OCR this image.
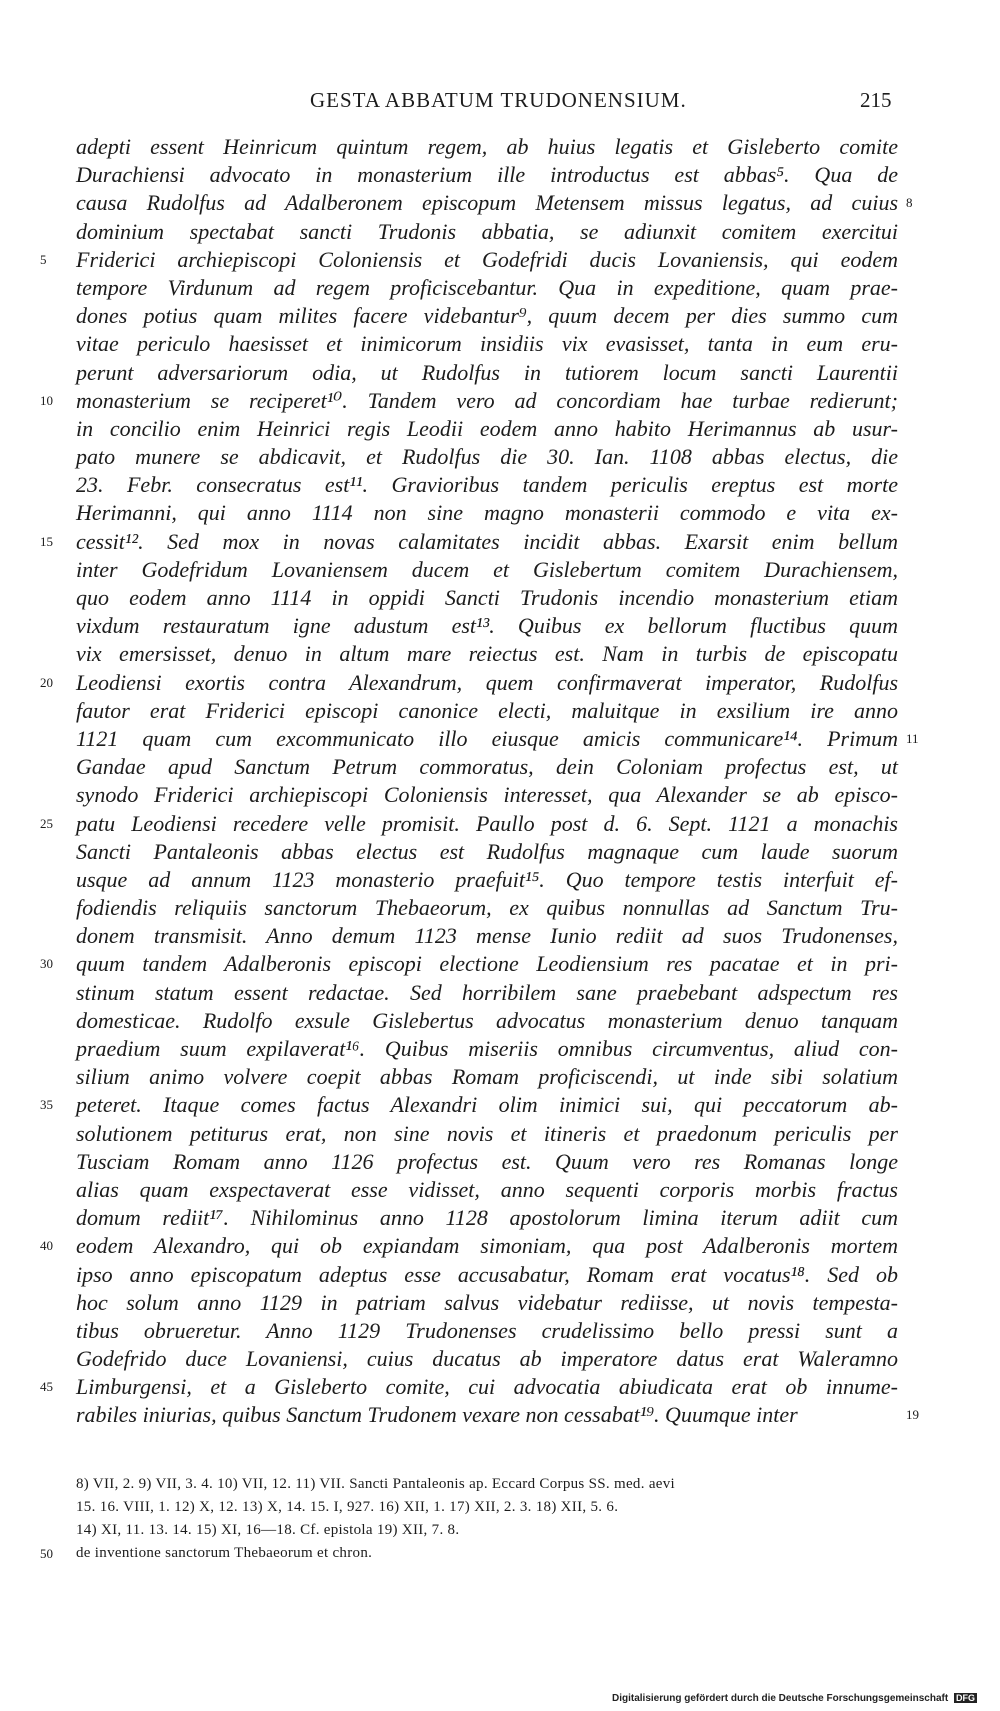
GESTA ABBATUM TRUDONENSIUM.	215
adepti essent Heinricum quintum regem, ab huius legatis et Gisleberto comite
Durachiensi advocato in monasterium ille introductus est abbas⁵. Qua de
causa Rudolfus ad Adalberonem episcopum Metensem missus legatus, ad cuius 8
dominium spectabat sancti Trudonis abbatia, se adiunxit comitem exercitui
5 Friderici archiepiscopi Coloniensis et Godefridi ducis Lovaniensis, qui eodem
tempore Virdunum ad regem proficiscebantur. Qua in expeditione, quam prae-
dones potius quam milites facere videbantur⁹, quum decem per dies summo cum
vitae periculo haesisset et inimicorum insidiis vix evasisset, tanta in eum eru-
perunt adversariorum odia, ut Rudolfus in tutiorem locum sancti Laurentii
10 monasterium se reciperet¹⁰. Tandem vero ad concordiam hae turbae redierunt;
in concilio enim Heinrici regis Leodii eodem anno habito Herimannus ab usur-
pato munere se abdicavit, et Rudolfus die 30. Ian. 1108 abbas electus, die
23. Febr. consecratus est¹¹. Gravioribus tandem periculis ereptus est morte
Herimanni, qui anno 1114 non sine magno monasterii commodo e vita ex-
15 cessit¹². Sed mox in novas calamitates incidit abbas. Exarsit enim bellum
inter Godefridum Lovaniensem ducem et Gislebertum comitem Durachiensem,
quo eodem anno 1114 in oppidi Sancti Trudonis incendio monasterium etiam
vixdum restauratum igne adustum est¹³. Quibus ex bellorum fluctibus quum
vix emersisset, denuo in altum mare reiectus est. Nam in turbis de episcopatu
20 Leodiensi exortis contra Alexandrum, quem confirmaverat imperator, Rudolfus
fautor erat Friderici episcopi canonice electi, maluitque in exsilium ire anno
1121 quam cum excommunicato illo eiusque amicis communicare¹⁴. Primum 11
Gandae apud Sanctum Petrum commoratus, dein Coloniam profectus est, ut
synodo Friderici archiepiscopi Coloniensis interesset, qua Alexander se ab episco-
25 patu Leodiensi recedere velle promisit. Paullo post d. 6. Sept. 1121 a monachis
Sancti Pantaleonis abbas electus est Rudolfus magnaque cum laude suorum
usque ad annum 1123 monasterio praefuit¹⁵. Quo tempore testis interfuit ef-
fodiendis reliquiis sanctorum Thebaeorum, ex quibus nonnullas ad Sanctum Tru-
donem transmisit. Anno demum 1123 mense Iunio rediit ad suos Trudonenses,
30 quum tandem Adalberonis episcopi electione Leodiensium res pacatae et in pri-
stinum statum essent redactae. Sed horribilem sane praebebant adspectum res
domesticae. Rudolfo exsule Gislebertus advocatus monasterium denuo tanquam
praedium suum expilaverat¹⁶. Quibus miseriis omnibus circumventus, aliud con-
silium animo volvere coepit abbas Romam proficiscendi, ut inde sibi solatium
35 peteret. Itaque comes factus Alexandri olim inimici sui, qui peccatorum ab-
solutionem petiturus erat, non sine novis et itineris et praedonum periculis per
Tusciam Romam anno 1126 profectus est. Quum vero res Romanas longe
alias quam exspectaverat esse vidisset, anno sequenti corporis morbis fractus
domum rediit¹⁷. Nihilominus anno 1128 apostolorum limina iterum adiit cum
40 eodem Alexandro, qui ob expiandam simoniam, qua post Adalberonis mortem
ipso anno episcopatum adeptus esse accusabatur, Romam erat vocatus¹⁸. Sed ob
hoc solum anno 1129 in patriam salvus videbatur rediisse, ut novis tempesta-
tibus obrueretur. Anno 1129 Trudonenses crudelissimo bello pressi sunt a
Godefrido duce Lovaniensi, cuius ducatus ab imperatore datus erat Waleramno
45 Limburgensi, et a Gisleberto comite, cui advocatia abiudicata erat ob innume-
rabiles iniurias, quibus Sanctum Trudonem vexare non cessabat¹⁹. Quumque inter	19
8) VII, 2. 9) VII, 3. 4. 10) VII, 12. 11) VII. Sancti Pantaleonis ap. Eccard Corpus SS. med. aevi
15. 16. VIII, 1. 12) X, 12. 13) X, 14. 15. I, 927. 16) XII, 1. 17) XII, 2. 3. 18) XII, 5. 6.
14) XI, 11. 13. 14. 15) XI, 16—18. Cf. epistola 19) XII, 7. 8.
50 de inventione sanctorum Thebaeorum et chron.
Digitalisierung gefördert durch die Deutsche Forschungsgemeinschaft DFG
